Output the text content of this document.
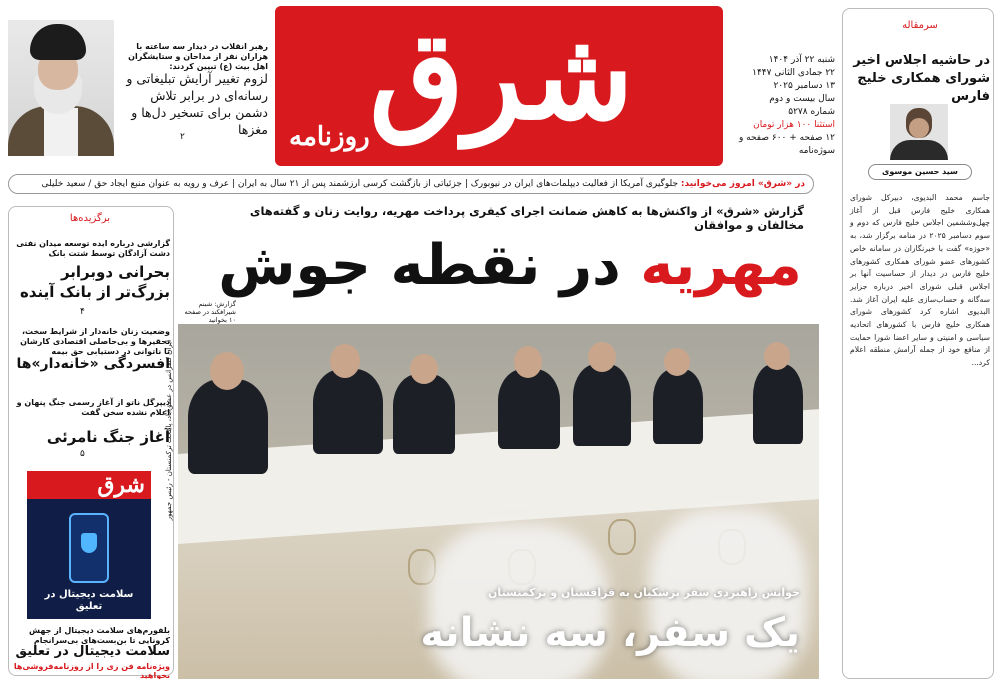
شرق
روزنامه
شنبه ۲۲ آذر ۱۴۰۴
۲۲ جمادی الثانی ۱۴۴۷
۱۳ دسامبر ۲۰۲۵
سال بیست و دوم
شماره ۵۲۷۸
استثنا ۱۰۰ هزار تومان
۱۲ صفحه + ۶۰۰ صفحه و سوژه‌نامه
رهبر انقلاب در دیدار سه ساعته با هزاران نفر از مداحان و ستایشگران اهل بیت (ع) تبیین کردند:
لزوم تغییر آرایش تبلیغاتی و رسانه‌ای در برابر تلاش دشمن برای تسخیر دل‌ها و مغزها
۲
در «شرق» امروز می‌خوانید: جلوگیری آمریکا از فعالیت دیپلمات‌های ایران در نیوبورک | جزئیاتی از بازگشت کرسی ارزشمند پس از ۲۱ سال به ایران | عرف و رویه به عنوان منبع ایجاد حق / سعید خلیلی
برگزیده‌ها
گزارشی درباره ایده توسعه میدان نفتی دشت آزادگان توسط شتت بانک
بحرانی دوبرابر بزرگ‌تر از بانک آینده
۴
وضعیت زنان خانه‌دار از شرایط سخت، تحقیرها و بی‌حاصلی اقتصادی کارشان تا ناتوانی در دستیابی حق بیمه
افسردگی «خانه‌دار»ها
دیپرگل ناتو از آغاز رسمی جنگ پنهان و اعلام نشده سخن گفت
آغاز جنگ نامرئی
۵
شرق
سلامت دیجیتال در تعلیق
بلفورم‌های سلامت دیجیتال از جهش کرونایی تا بن‌بست‌های بی‌سرانجام
سلامت دیجیتال در تعلیق
ویژه‌نامه فن زی را از روزنامه‌فروشی‌ها بخواهید
گزارش «شرق» از واکنش‌ها به کاهش ضمانت اجرای کیفری پرداخت مهریه، روایت زنان و گفته‌های مخالفان و موافقان
مهریه در نقطه جوش
گزارش: شبنم شیرافکند در صفحه ۱۰ بخوانید
ایران کنفرانس در عشق‌آباد، پایتخت ترکمنستان - رئیس جمهور
خوانش راهبردی سفر پزشکیان به قزاقستان و ترکمنستان
یک سفر، سه نشانه
سرمقاله
در حاشیه اجلاس اخیر شورای همکاری خلیج فارس
سید حسین موسوی
جاسم محمد البدیوی، دبیرکل شورای همکاری خلیج فارس قبل از آغاز چهل‌وششمین اجلاس خلیج فارس که دوم و سوم دسامبر ۲۰۲۵ در منامه برگزار شد، به «حوزه» گفت با خبرنگاران در سامانه خاص کشورهای عضو شورای همکاری کشورهای خلیج فارس در دیدار از حساسیت آنها بر اجلاس قبلی شورای اخیر درباره جزایر سه‌گانه و حساب‌سازی علیه ایران آغاز شد. البدیوی اشاره کرد کشورهای شورای همکاری خلیج فارس با کشورهای اتحادیه سیاسی و امنیتی و سایر اعضا شورا حمایت از منافع خود از جمله آرامش منطقه اعلام کرد...
